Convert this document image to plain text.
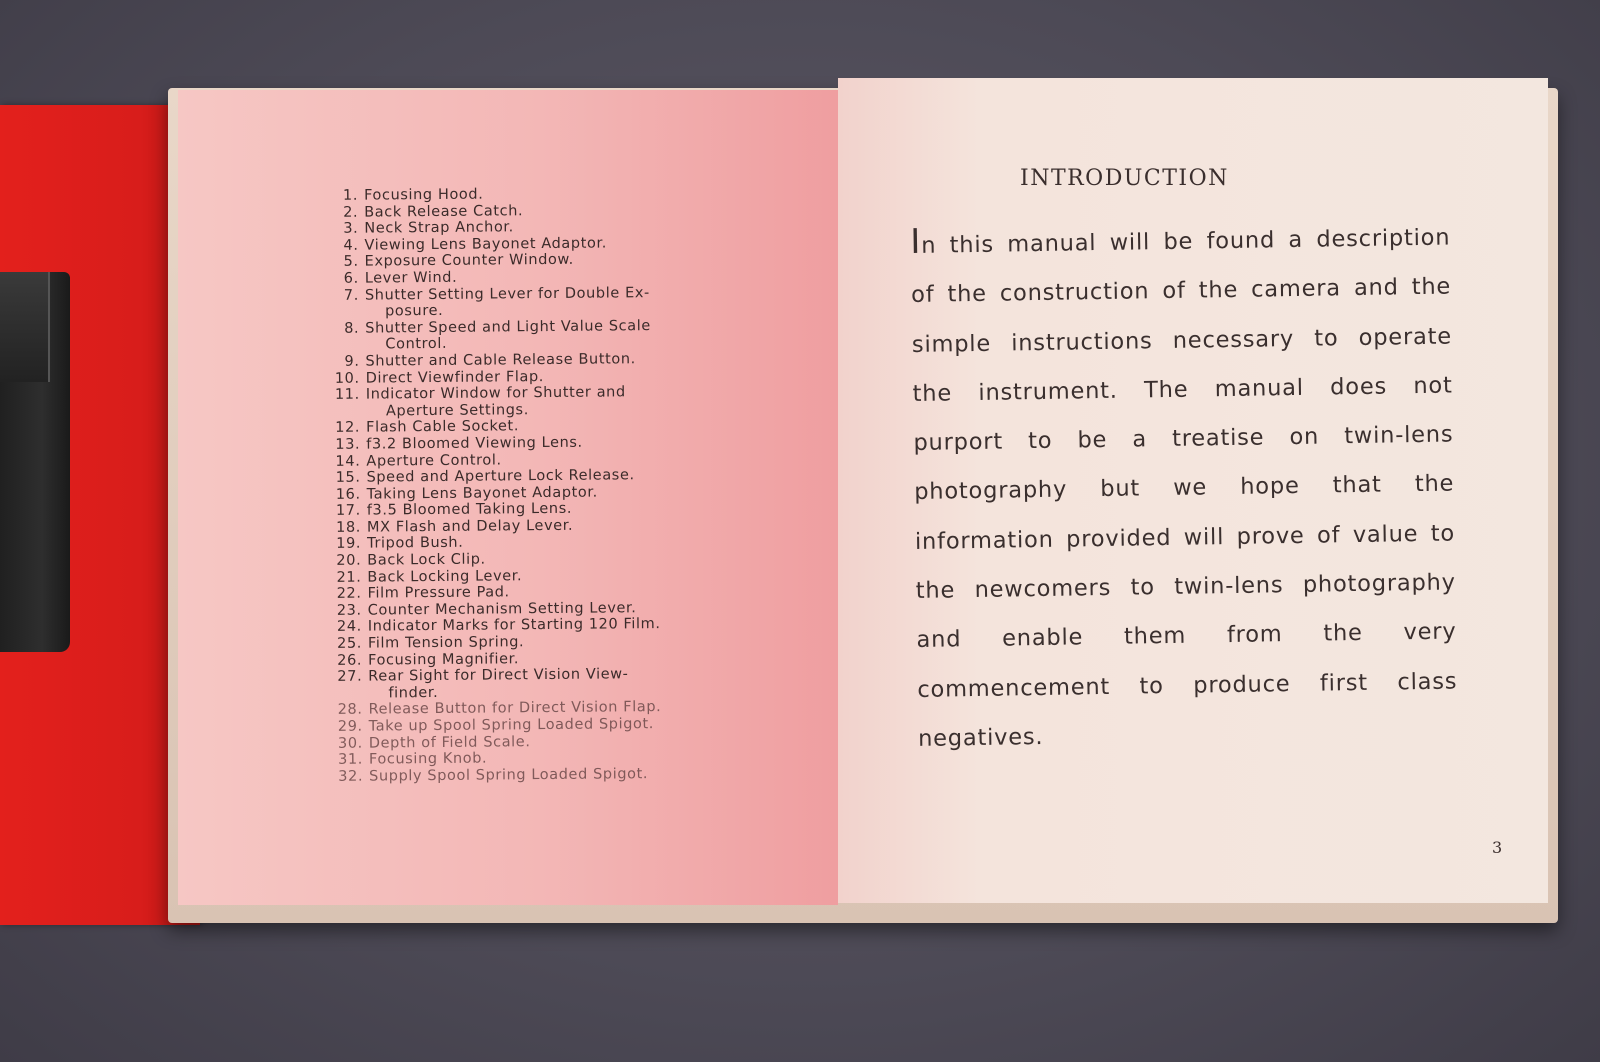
1. Focusing Hood.
2. Back Release Catch.
3. Neck Strap Anchor.
4. Viewing Lens Bayonet Adaptor.
5. Exposure Counter Window.
6. Lever Wind.
7. Shutter Setting Lever for Double Ex-
posure.
8. Shutter Speed and Light Value Scale
Control.
9. Shutter and Cable Release Button.
10. Direct Viewfinder Flap.
11. Indicator Window for Shutter and
Aperture Settings.
12. Flash Cable Socket.
13. f3.2 Bloomed Viewing Lens.
14. Aperture Control.
15. Speed and Aperture Lock Release.
16. Taking Lens Bayonet Adaptor.
17. f3.5 Bloomed Taking Lens.
18. MX Flash and Delay Lever.
19. Tripod Bush.
20. Back Lock Clip.
21. Back Locking Lever.
22. Film Pressure Pad.
23. Counter Mechanism Setting Lever.
24. Indicator Marks for Starting 120 Film.
25. Film Tension Spring.
26. Focusing Magnifier.
27. Rear Sight for Direct Vision View-
finder.
28. Release Button for Direct Vision Flap.
29. Take up Spool Spring Loaded Spigot.
30. Depth of Field Scale.
31. Focusing Knob.
32. Supply Spool Spring Loaded Spigot.
INTRODUCTION

In this manual will be found a description of the construction of the camera and the simple instructions necessary to operate the instrument. The manual does not purport to be a treatise on twin-lens photography but we hope that the information provided will prove of value to the newcomers to twin-lens photography and enable them from the very commencement to produce first class negatives.

3
